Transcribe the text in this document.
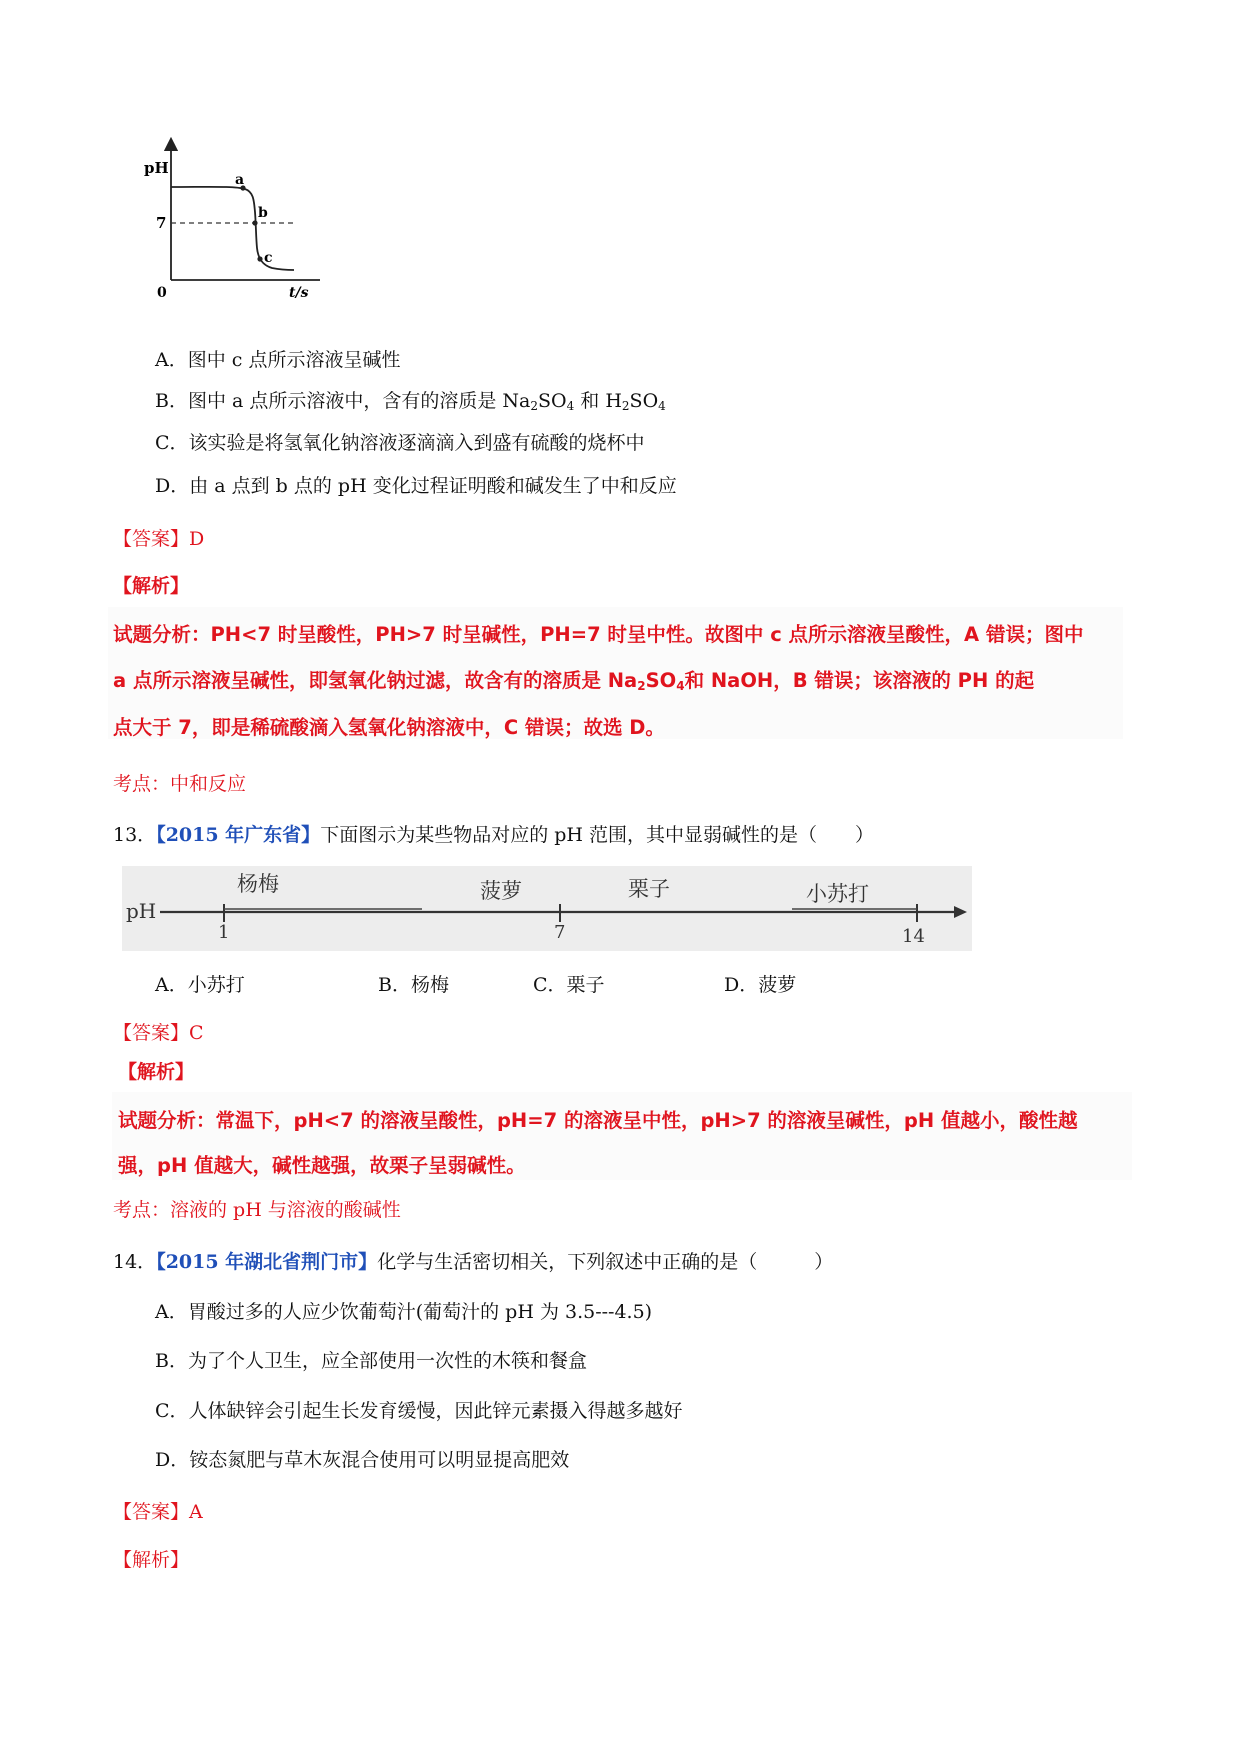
pH
7
0	t/s
a
b
c
A．图中 c 点所示溶液呈碱性
B．图中 a 点所示溶液中，含有的溶质是 $Na_2SO_4$ 和 $H_2SO_4$
C．该实验是将氢氧化钠溶液逐滴滴入到盛有硫酸的烧杯中
D．由 a 点到 b 点的 pH 变化过程证明酸和碱发生了中和反应
【答案】D
【解析】
试题分析：PH<7 时呈酸性，PH>7 时呈碱性，PH=7 时呈中性。故图中 c 点所示溶液呈酸性，A 错误；图中
a 点所示溶液呈碱性，即氢氧化钠过滤，故含有的溶质是 $Na_2SO_4$和 NaOH，B 错误；该溶液的 PH 的起
点大于 7，即是稀硫酸滴入氢氧化钠溶液中，C 错误；故选 D。
考点：中和反应
13．【2015 年广东省】下面图示为某些物品对应的 pH 范围，其中显弱碱性的是（　　）
pH
杨梅	菠萝	栗子	小苏打
1	7	14
A．小苏打	B．杨梅	C．栗子	D．菠萝
【答案】C
【解析】
试题分析：常温下，pH<7 的溶液呈酸性，pH=7 的溶液呈中性，pH>7 的溶液呈碱性，pH 值越小，酸性越
强，pH 值越大，碱性越强，故栗子呈弱碱性。
考点：溶液的 pH 与溶液的酸碱性
14．【2015 年湖北省荆门市】化学与生活密切相关，下列叙述中正确的是（　　　）
A．胃酸过多的人应少饮葡萄汁(葡萄汁的 pH 为 3.5---4.5)
B．为了个人卫生，应全部使用一次性的木筷和餐盒
C．人体缺锌会引起生长发育缓慢，因此锌元素摄入得越多越好
D．铵态氮肥与草木灰混合使用可以明显提高肥效
【答案】A
【解析】
